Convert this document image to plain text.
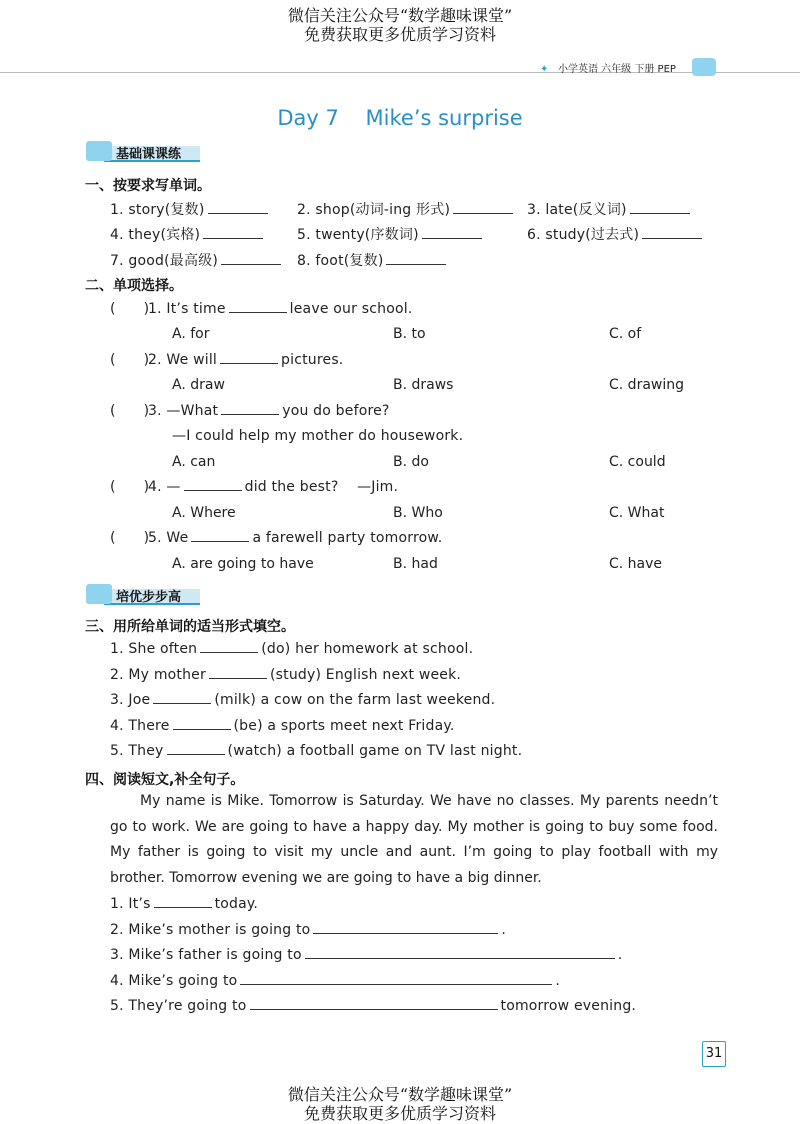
微信关注公众号“数学趣味课堂”
免费获取更多优质学习资料
小学英语 六年级 下册 PEP
✦
Day 7    Mike’s surprise
基础课课练
一、按要求写单词。
1. story(复数)	2. shop(动词-ing 形式)	3. late(反义词)
4. they(宾格)	5. twenty(序数词)	6. study(过去式)
7. good(最高级)	8. foot(复数)
二、单项选择。
(      )
1. It’s time	leave our school.
A. for	B. to	C. of
(      )
2. We will	pictures.
A. draw	B. draws	C. drawing
(      )
3. —What	you do before?
—I could help my mother do housework.
A. can	B. do	C. could
(      )
4. —	did the best?    —Jim.
A. Where	B. Who	C. What
(      )
5. We	a farewell party tomorrow.
A. are going to have	B. had	C. have
培优步步高
三、用所给单词的适当形式填空。
1. She often	(do) her homework at school.
2. My mother	(study) English next week.
3. Joe	(milk) a cow on the farm last weekend.
4. There	(be) a sports meet next Friday.
5. They	(watch) a football game on TV last night.
四、阅读短文,补全句子。
My name is Mike. Tomorrow is Saturday. We have no classes. My parents needn’t go to work. We are going to have a happy day. My mother is going to buy some food. My father is going to visit my uncle and aunt. I’m going to play football with my brother. Tomorrow evening we are going to have a big dinner.
1. It’s	today.
2. Mike’s mother is going to	.
3. Mike’s father is going to	.
4. Mike’s going to	.
5. They’re going to	tomorrow evening.
31
微信关注公众号“数学趣味课堂”
免费获取更多优质学习资料
